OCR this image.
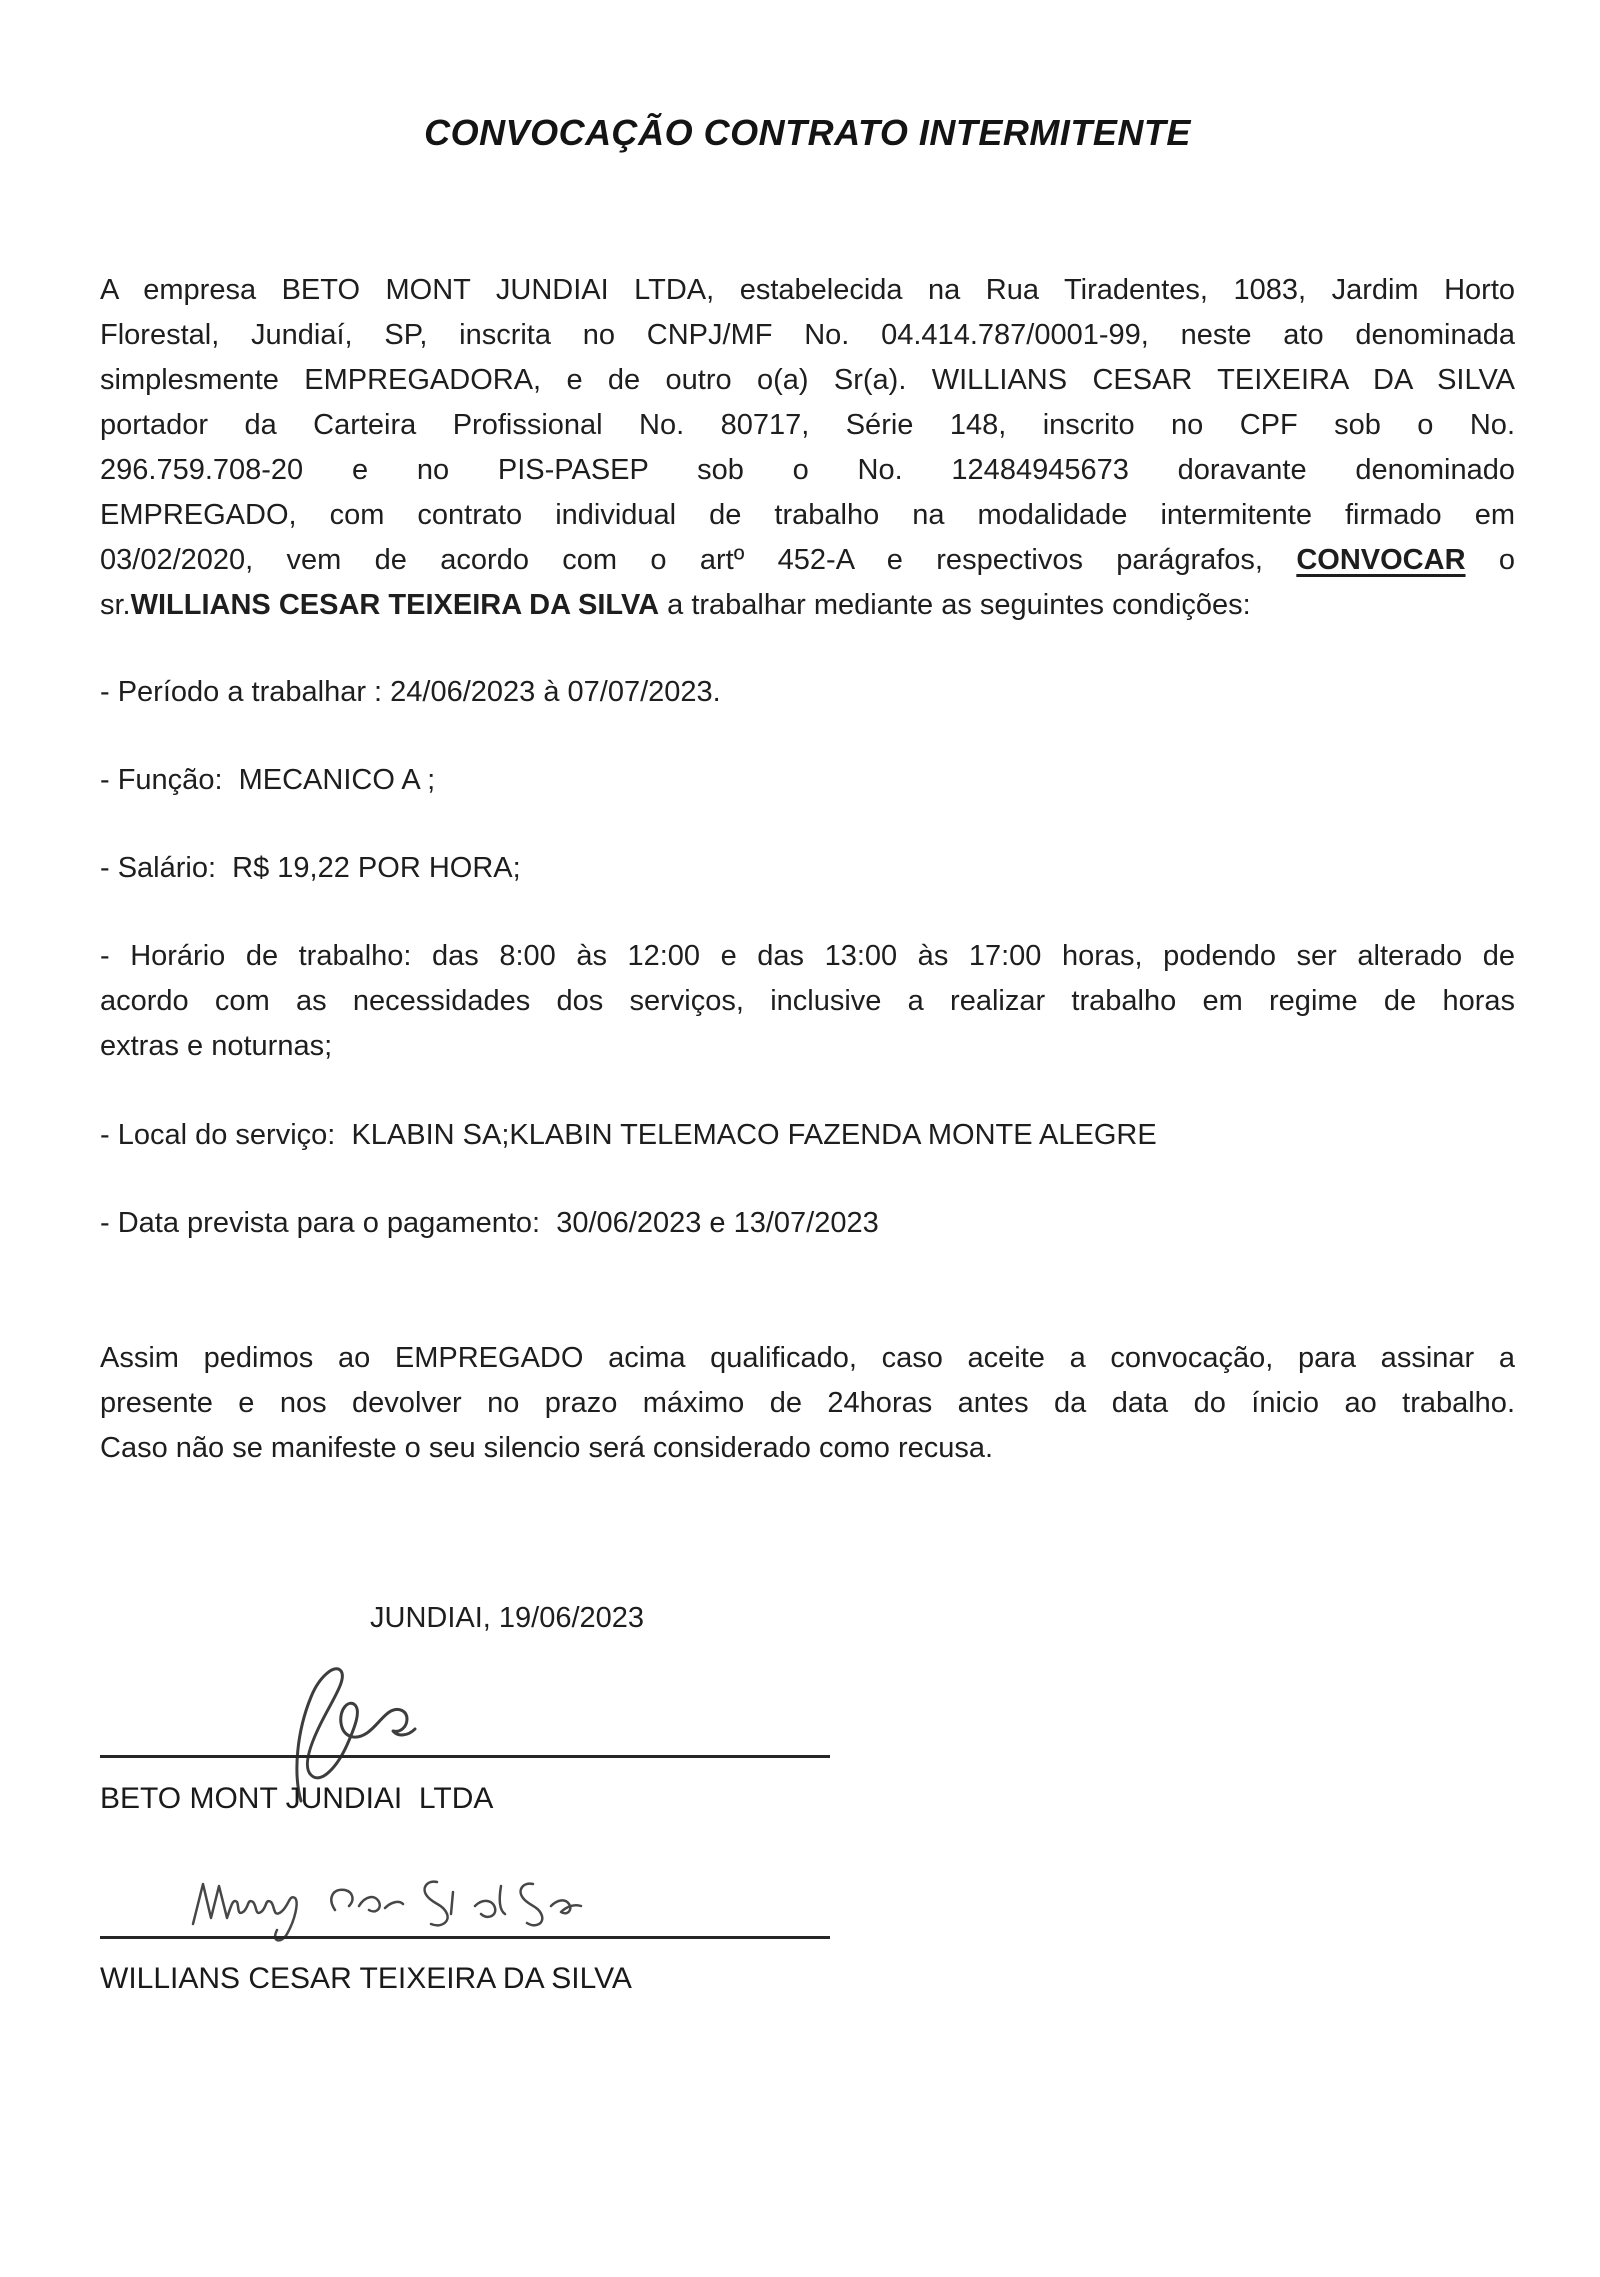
CONVOCAÇÃO CONTRATO INTERMITENTE
A empresa BETO MONT JUNDIAI LTDA, estabelecida na Rua Tiradentes, 1083, Jardim Horto
Florestal, Jundiaí, SP, inscrita no CNPJ/MF No. 04.414.787/0001-99, neste ato denominada
simplesmente EMPREGADORA, e de outro o(a) Sr(a). WILLIANS CESAR TEIXEIRA DA SILVA
portador da Carteira Profissional No. 80717, Série 148, inscrito no CPF sob o No.
296.759.708-20 e no PIS-PASEP sob o No. 12484945673 doravante denominado
EMPREGADO, com contrato individual de trabalho na modalidade intermitente firmado em
03/02/2020, vem de acordo com o artº 452-A e respectivos parágrafos, CONVOCAR o
sr.WILLIANS CESAR TEIXEIRA DA SILVA a trabalhar mediante as seguintes condições:

- Período a trabalhar : 24/06/2023 à 07/07/2023.

- Função:  MECANICO A ;

- Salário:  R$ 19,22 POR HORA;

- Horário de trabalho: das 8:00 às 12:00 e das 13:00 às 17:00 horas, podendo ser alterado de
acordo com as necessidades dos serviços, inclusive a realizar trabalho em regime de horas
extras e noturnas;

- Local do serviço:  KLABIN SA;KLABIN TELEMACO FAZENDA MONTE ALEGRE

- Data prevista para o pagamento:  30/06/2023 e 13/07/2023

Assim pedimos ao EMPREGADO acima qualificado, caso aceite a convocação, para assinar a
presente e nos devolver no prazo máximo de 24horas antes da data do ínicio ao trabalho.
Caso não se manifeste o seu silencio será considerado como recusa.

JUNDIAI, 19/06/2023

BETO MONT JUNDIAI  LTDA
WILLIANS CESAR TEIXEIRA DA SILVA
